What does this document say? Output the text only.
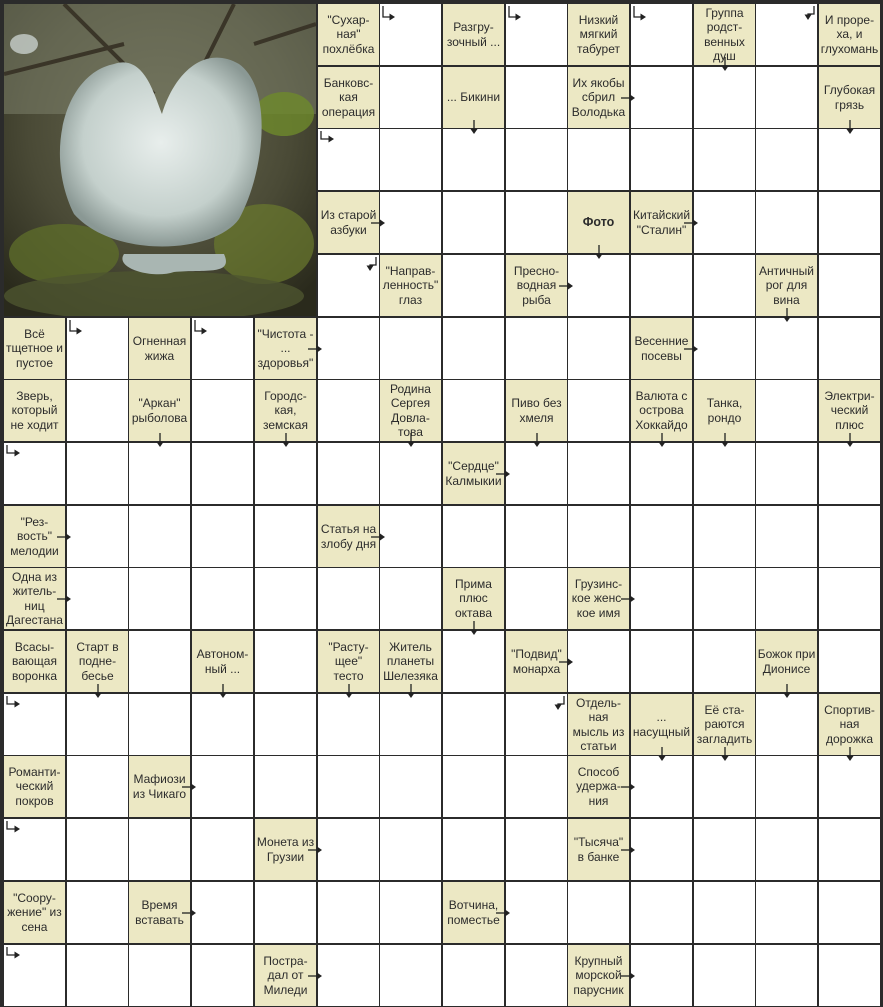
"Сухар-
ная"
похлёбка
Разгру-
зочный ...
Низкий
мягкий
табурет
Группа
родст-
венных
душ
И проре-
ха, и
глухомань
Банковс-
кая
операция
... Бикини
Их якобы
сбрил
Володька
Глубокая
грязь
Из старой
азбуки
Фото
Китайский
"Сталин"
"Направ-
ленность"
глаз
Пресно-
водная
рыба
Античный
рог для
вина
Всё
тщетное и
пустое
Огненная
жижа
"Чистота -
...
здоровья"
Весенние
посевы
Зверь,
который
не ходит
"Аркан"
рыболова
Городс-
кая,
земская
Родина
Сергея
Довла-
това
Пиво без
хмеля
Валюта с
острова
Хоккайдо
Танка,
рондо
Электри-
ческий
плюс
"Сердце"
Калмыкии
"Рез-
вость"
мелодии
Статья на
злобу дня
Одна из
житель-
ниц
Дагестана
Прима
плюс
октава
Грузинс-
кое женс-
кое имя
Всасы-
вающая
воронка
Старт в
подне-
бесье
Автоном-
ный ...
"Расту-
щее"
тесто
Житель
планеты
Шелезяка
"Подвид"
монарха
Божок при
Дионисе
Отдель-
ная
мысль из
статьи
...
насущный
Её ста-
раются
загладить
Спортив-
ная
дорожка
Романти-
ческий
покров
Мафиози
из Чикаго
Способ
удержа-
ния
Монета из
Грузии
"Тысяча"
в банке
"Соору-
жение" из
сена
Время
вставать
Вотчина,
поместье
Постра-
дал от
Миледи
Крупный
морской
парусник
